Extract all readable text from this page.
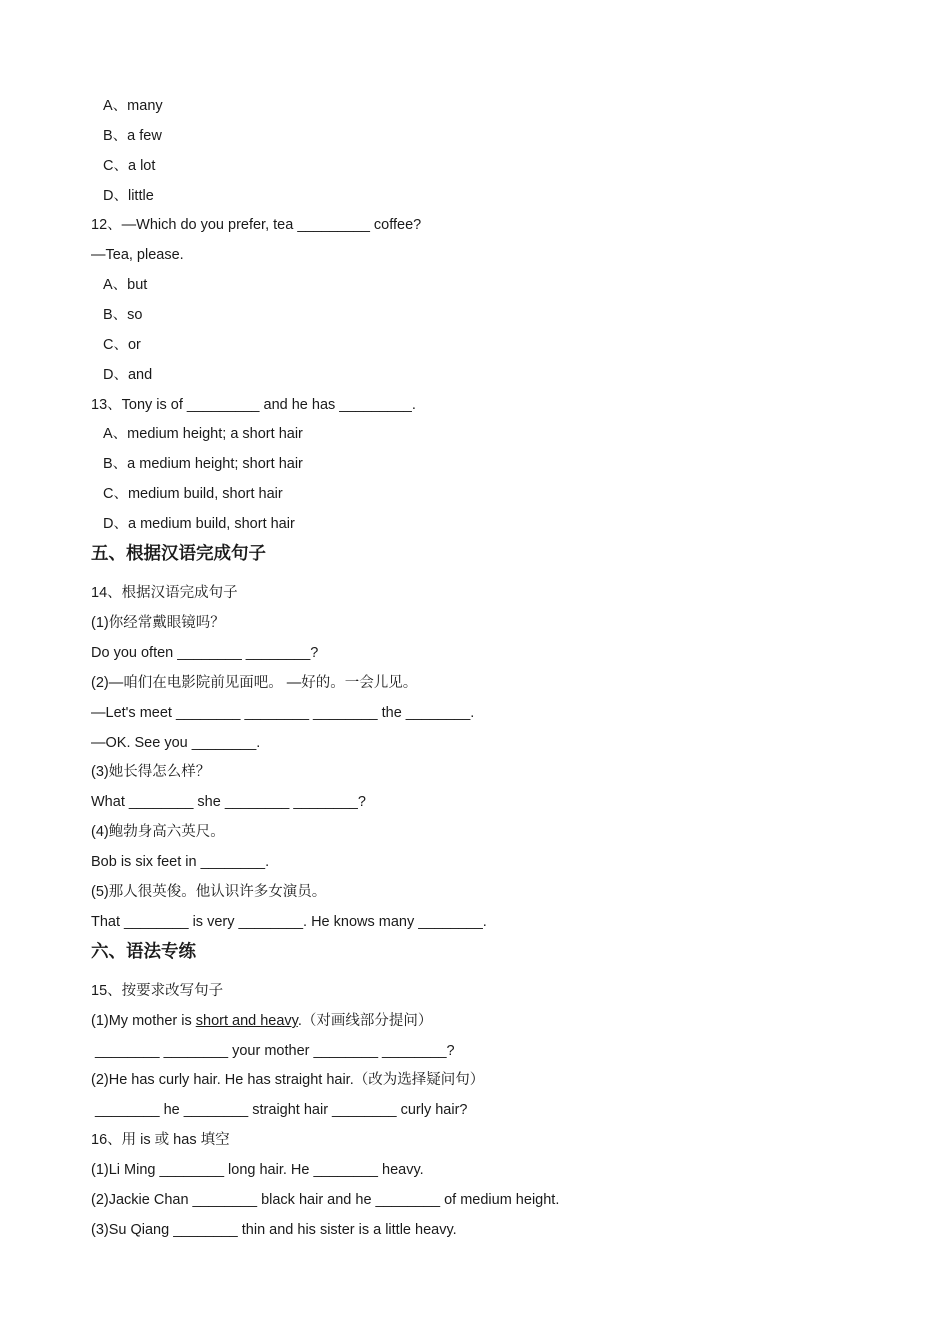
A、many
B、a few
C、a lot
D、little
12、—Which do you prefer, tea _________ coffee?
—Tea, please.
A、but
B、so
C、or
D、and
13、Tony is of _________ and he has _________.
A、medium height; a short hair
B、a medium height; short hair
C、medium build, short hair
D、a medium build, short hair
五、根据汉语完成句子
14、根据汉语完成句子
(1)你经常戴眼镜吗？
Do you often ________ ________?
(2)—咱们在电影院前见面吧。 —好的。一会儿见。
—Let's meet ________ ________ ________ the ________.
—OK. See you ________.
(3)她长得怎么样？
What ________ she ________ ________?
(4)鲍勃身高六英尺。
Bob is six feet in ________.
(5)那人很英俊。他认识许多女演员。
That ________ is very ________. He knows many ________.
六、语法专练
15、按要求改写句子
(1)My mother is short and heavy.（对画线部分提问）
________ ________ your mother ________ ________?
(2)He has curly hair. He has straight hair.（改为选择疑问句）
________ he ________ straight hair ________ curly hair?
16、用 is 或 has 填空
(1)Li Ming ________ long hair. He ________ heavy.
(2)Jackie Chan ________ black hair and he ________ of medium height.
(3)Su Qiang ________ thin and his sister is a little heavy.
